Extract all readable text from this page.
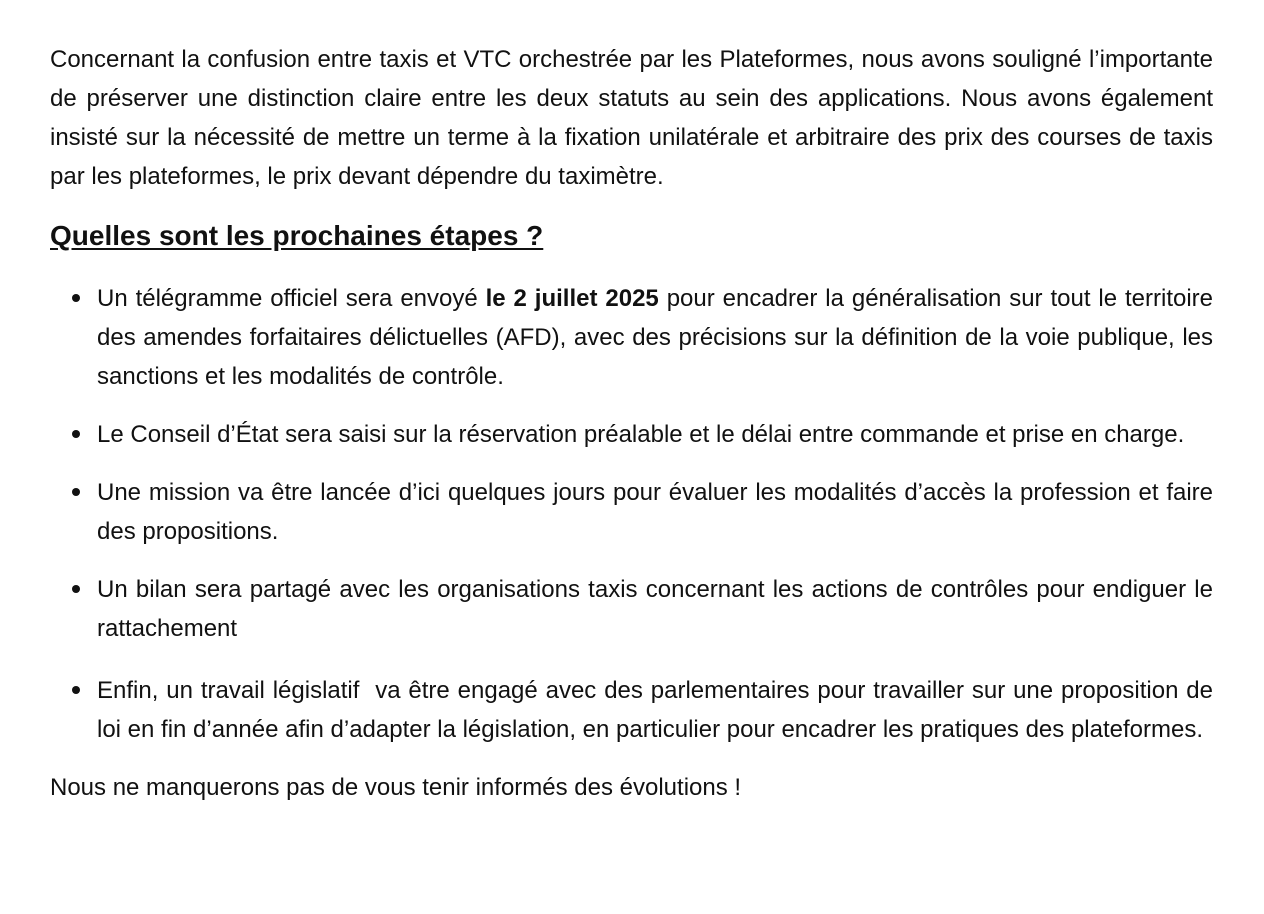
Concernant la confusion entre taxis et VTC orchestrée par les Plateformes, nous avons souligné l’importante de préserver une distinction claire entre les deux statuts au sein des applications. Nous avons également insisté sur la nécessité de mettre un terme à la fixation unilatérale et arbitraire des prix des courses de taxis par les plateformes, le prix devant dépendre du taximètre.

Quelles sont les prochaines étapes ?
Un télégramme officiel sera envoyé le 2 juillet 2025 pour encadrer la généralisation sur tout le territoire des amendes forfaitaires délictuelles (AFD), avec des précisions sur la définition de la voie publique, les sanctions et les modalités de contrôle.
Le Conseil d’État sera saisi sur la réservation préalable et le délai entre commande et prise en charge.
Une mission va être lancée d’ici quelques jours pour évaluer les modalités d’accès la profession et faire des propositions.
Un bilan sera partagé avec les organisations taxis concernant les actions de contrôles pour endiguer le rattachement
Enfin, un travail législatif  va être engagé avec des parlementaires pour travailler sur une proposition de loi en fin d’année afin d’adapter la législation, en particulier pour encadrer les pratiques des plateformes.

Nous ne manquerons pas de vous tenir informés des évolutions !
